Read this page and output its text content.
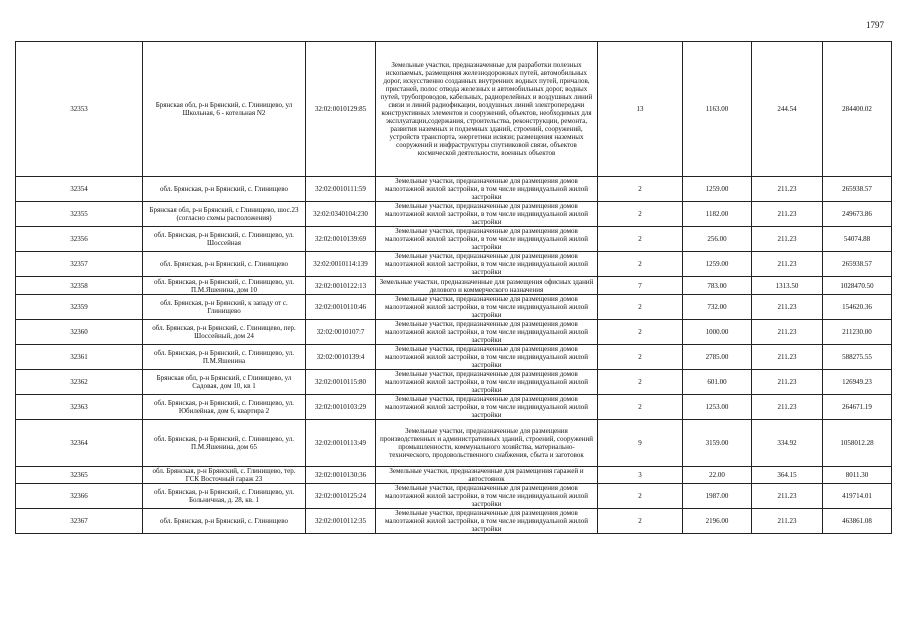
1797
32353	Брянская обл, р-н Брянский, с. Глинищево, ул Школьная, 6 - котельная N2	32:02:0010129:85	Земельные участки, предназначенные для разработки полезных ископаемых, размещения железнодорожных путей, автомобильных дорог, искусственно созданных внутренних водных путей, причалов, пристаней, полос отвода железных и автомобильных дорог, водных путей, трубопроводов, кабельных, радиорелейных и воздушных линий связи и линий радиофикации, воздушных линий электропередачи конструктивных элементов и сооружений, объектов, необходимых для эксплуатации,содержания, строительства, реконструкции, ремонта, развития наземных и подземных зданий, строений, сооружений, устройств транспорта, энергетики исвязи; размещения наземных сооружений и инфраструктуры спутниковой связи, объектов космической деятельности, военных объектов	13	1163.00	244.54	284400.02
32354	обл. Брянская, р-н Брянский, с. Глинищево	32:02:0010111:59	Земельные участки, предназначенные для размещения домов малоэтажной жилой застройки, в том числе индивидуальной жилой застройки	2	1259.00	211.23	265938.57
32355	Брянская обл, р-н Брянский, с Глинищево, шос.23 (согласно схемы расположения)	32:02:0340104:230	Земельные участки, предназначенные для размещения домов малоэтажной жилой застройки, в том числе индивидуальной жилой застройки	2	1182.00	211.23	249673.86
32356	обл. Брянская, р-н Брянский, с. Глинищево, ул. Шоссейная	32:02:0010139:69	Земельные участки, предназначенные для размещения домов малоэтажной жилой застройки, в том числе индивидуальной жилой застройки	2	256.00	211.23	54074.88
32357	обл. Брянская, р-н Брянский, с. Глинищево	32:02:0010114:139	Земельные участки, предназначенные для размещения домов малоэтажной жилой застройки, в том числе индивидуальной жилой застройки	2	1259.00	211.23	265938.57
32358	обл. Брянская, р-н Брянский, с. Глинищево, ул. П.М.Яшенина, дом 10	32:02:0010122:13	Земельные участки, предназначенные для размещения офисных зданий делового и коммерческого назначения	7	783.00	1313.50	1028470.50
32359	обл. Брянская, р-н Брянский, к западу от с. Глинищево	32:02:0010110:46	Земельные участки, предназначенные для размещения домов малоэтажной жилой застройки, в том числе индивидуальной жилой застройки	2	732.00	211.23	154620.36
32360	обл. Брянская, р-н Брянский, с. Глинищево, пер. Шоссейный, дом 24	32:02:0010107:7	Земельные участки, предназначенные для размещения домов малоэтажной жилой застройки, в том числе индивидуальной жилой застройки	2	1000.00	211.23	211230.00
32361	обл. Брянская, р-н Брянский, с. Глинищево, ул. П.М.Яшенина	32:02:0010139:4	Земельные участки, предназначенные для размещения домов малоэтажной жилой застройки, в том числе индивидуальной жилой застройки	2	2785.00	211.23	588275.55
32362	Брянская обл, р-н Брянский, с Глинищево, ул Садовая, дом 10, кв 1	32:02:0010115:80	Земельные участки, предназначенные для размещения домов малоэтажной жилой застройки, в том числе индивидуальной жилой застройки	2	601.00	211.23	126949.23
32363	обл. Брянская, р-н Брянский, с. Глинищево, ул. Юбилейная, дом 6, квартира 2	32:02:0010103:29	Земельные участки, предназначенные для размещения домов малоэтажной жилой застройки, в том числе индивидуальной жилой застройки	2	1253.00	211.23	264671.19
32364	обл. Брянская, р-н Брянский, с. Глинищево, ул. П.М.Яшенина, дом 65	32:02:0010113:49	Земельные участки, предназначенные для размещения производственных и административных зданий, строений, сооружений промышленности, коммунального хозяйства, материально-технического, продовольственного снабжения, сбыта и заготовок	9	3159.00	334.92	1058012.28
32365	обл. Брянская, р-н Брянский, с. Глинищево, тер. ГСК Восточный гараж 23	32:02:0010130:36	Земельные участки, предназначенные для размещения гаражей и автостоянок	3	22.00	364.15	8011.30
32366	обл. Брянская, р-н Брянский, с. Глинищево, ул. Больничная, д. 28, кв. 1	32:02:0010125:24	Земельные участки, предназначенные для размещения домов малоэтажной жилой застройки, в том числе индивидуальной жилой застройки	2	1987.00	211.23	419714.01
32367	обл. Брянская, р-н Брянский, с. Глинищево	32:02:0010112:35	Земельные участки, предназначенные для размещения домов малоэтажной жилой застройки, в том числе индивидуальной жилой застройки	2	2196.00	211.23	463861.08
